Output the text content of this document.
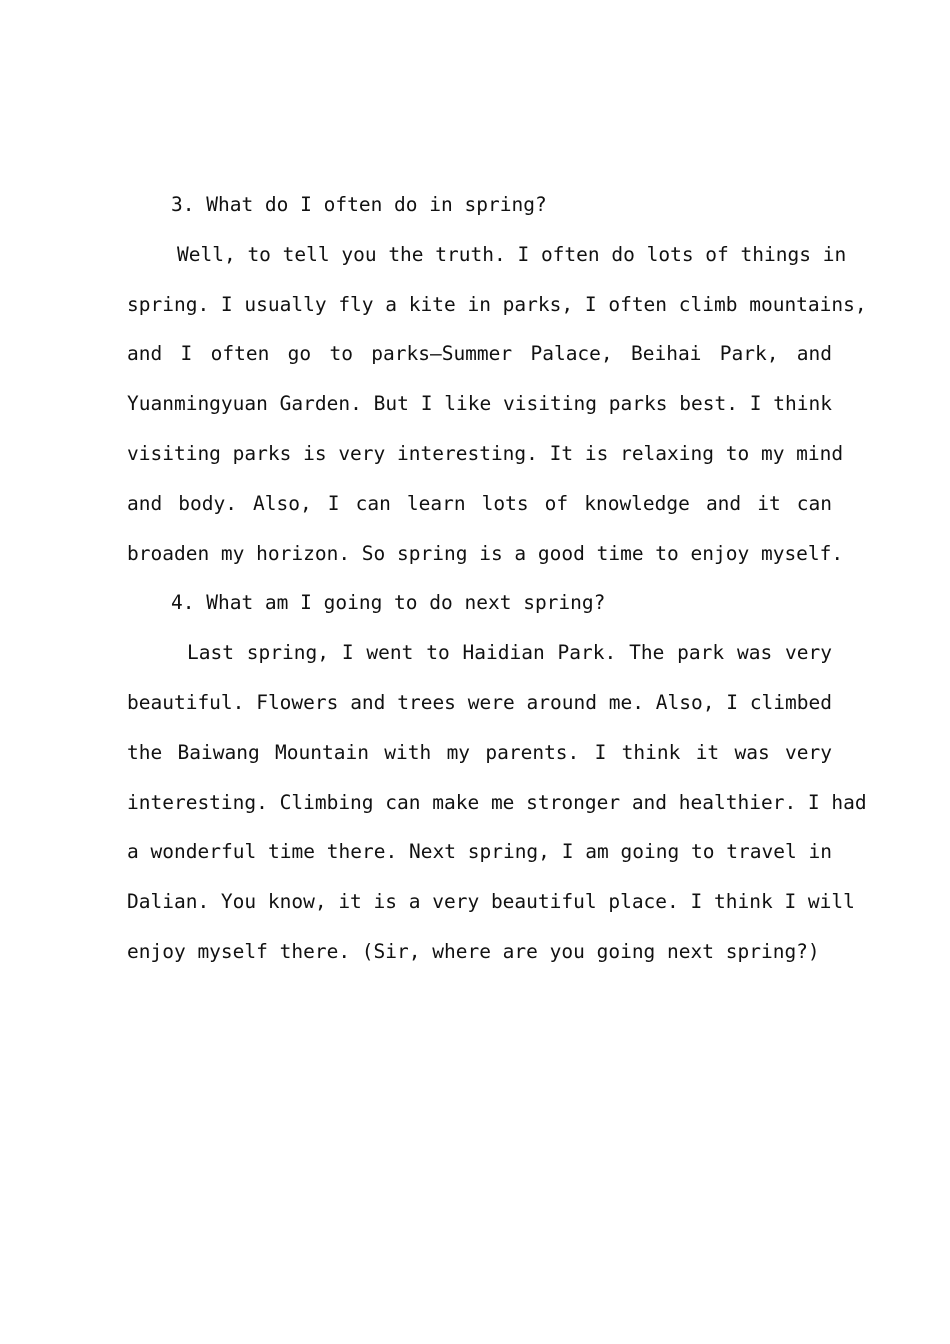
3. What do I often do in spring?
Well, to tell you the truth. I often do lots of things in
spring. I usually fly a kite in parks, I often climb mountains,
and I often go to parks—Summer Palace, Beihai Park, and
Yuanmingyuan Garden. But I like visiting parks best. I think
visiting parks is very interesting. It is relaxing to my mind
and body. Also, I can learn lots of knowledge and it can
broaden my horizon. So spring is a good time to enjoy myself.
4. What am I going to do next spring?
Last spring, I went to Haidian Park. The park was very
beautiful. Flowers and trees were around me. Also, I climbed
the Baiwang Mountain with my parents. I think it was very
interesting. Climbing can make me stronger and healthier. I had
a wonderful time there. Next spring, I am going to travel in
Dalian. You know, it is a very beautiful place. I think I will
enjoy myself there. (Sir, where are you going next spring?)
